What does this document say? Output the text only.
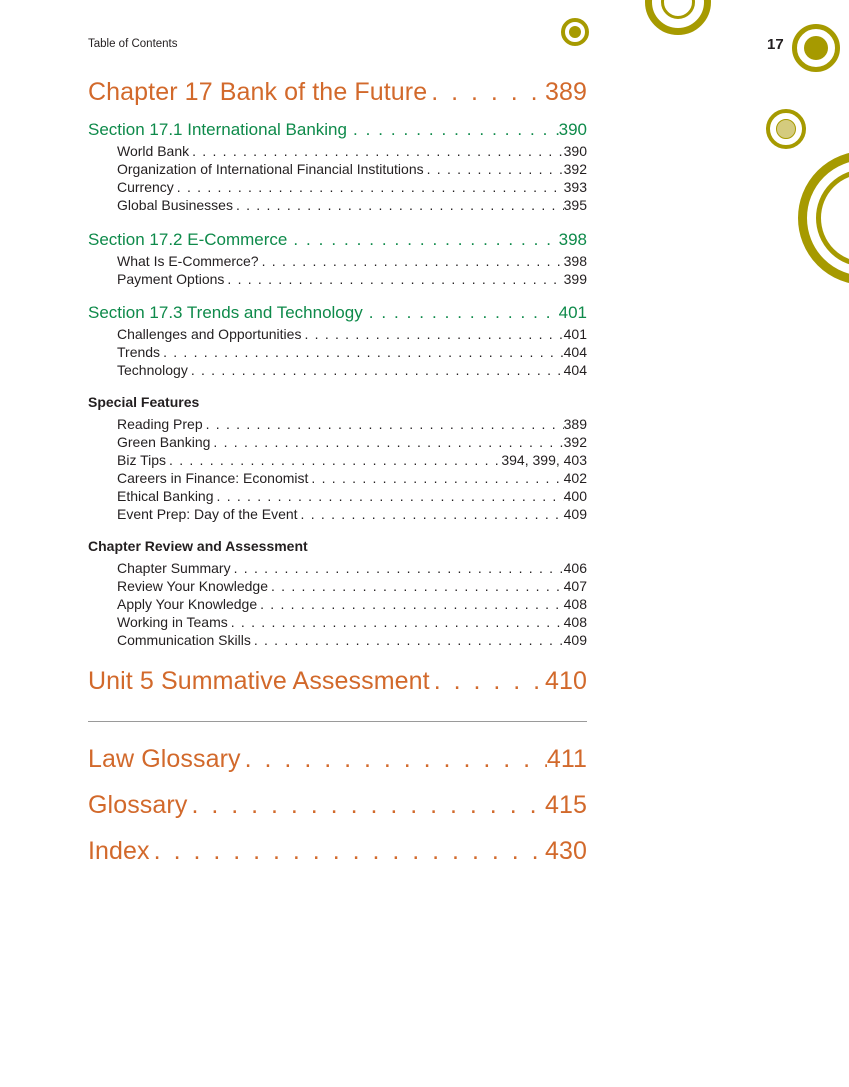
Table of Contents	17
Chapter 17 Bank of the Future . . .	389
Section 17.1 International Banking . . .	390
World Bank . . .	390
Organization of International Financial Institutions . . .	392
Currency . . .	393
Global Businesses . . .	395
Section 17.2 E-Commerce . . .	398
What Is E-Commerce? . . .	398
Payment Options . . .	399
Section 17.3 Trends and Technology . . .	401
Challenges and Opportunities . . .	401
Trends . . .	404
Technology . . .	404
Special Features
Reading Prep . . .	389
Green Banking . . .	392
Biz Tips . . .	394, 399, 403
Careers in Finance: Economist . . .	402
Ethical Banking . . .	400
Event Prep: Day of the Event . . .	409
Chapter Review and Assessment
Chapter Summary . . .	406
Review Your Knowledge . . .	407
Apply Your Knowledge . . .	408
Working in Teams . . .	408
Communication Skills . . .	409
Unit 5 Summative Assessment . . .	410
Law Glossary . . .	411
Glossary . . .	415
Index . . .	430
